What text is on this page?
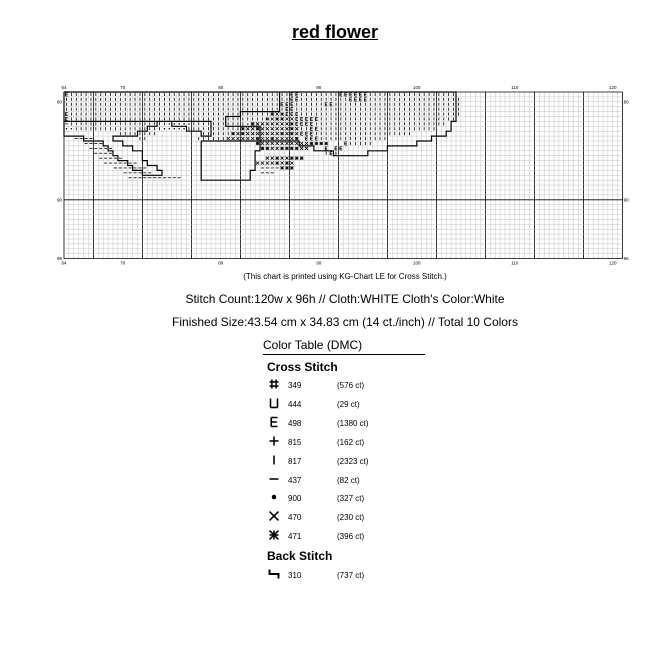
red flower
64	70	80	90	100	110	120
64	70	80	90	100	110	120
80
90
96
80
90
96
(This chart is printed using KG-Chart LE for Cross Stitch.)
Stitch Count:120w x 96h // Cloth:WHITE Cloth's Color:White
Finished Size:43.54 cm x 34.83 cm (14 ct./inch) // Total 10 Colors
Color Table (DMC)
Cross Stitch
349	(576 ct)
444	(29 ct)
498	(1380 ct)
815	(162 ct)
817	(2323 ct)
437	(82 ct)
900	(327 ct)
470	(230 ct)
471	(396 ct)
Back Stitch
310	(737 ct)
